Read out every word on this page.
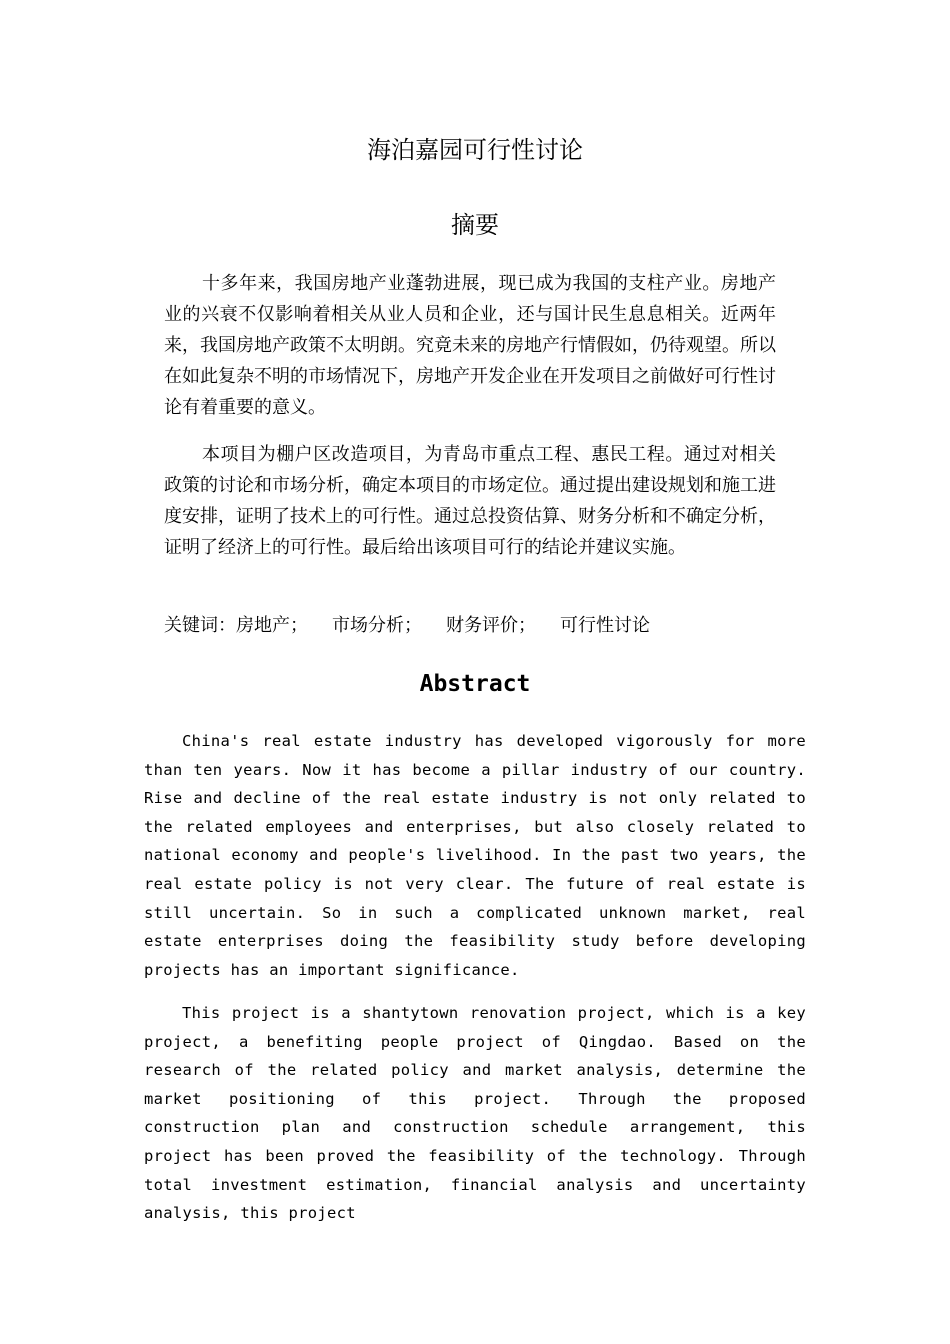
海泊嘉园可行性讨论
摘要

十多年来，我国房地产业蓬勃进展，现已成为我国的支柱产业。房地产业的兴衰不仅影响着相关从业人员和企业，还与国计民生息息相关。近两年来，我国房地产政策不太明朗。究竟未来的房地产行情假如，仍待观望。所以在如此复杂不明的市场情况下，房地产开发企业在开发项目之前做好可行性讨论有着重要的意义。

本项目为棚户区改造项目，为青岛市重点工程、惠民工程。通过对相关政策的讨论和市场分析，确定本项目的市场定位。通过提出建设规划和施工进度安排，证明了技术上的可行性。通过总投资估算、财务分析和不确定分析，证明了经济上的可行性。最后给出该项目可行的结论并建议实施。

关键词：房地产； 市场分析； 财务评价； 可行性讨论
Abstract

China's real estate industry has developed vigorously for more than ten years. Now it has become a pillar industry of our country. Rise and decline of the real estate industry is not only related to the related employees and enterprises, but also closely related to national economy and people's livelihood. In the past two years, the real estate policy is not very clear. The future of real estate is still uncertain. So in such a complicated unknown market, real estate enterprises doing the feasibility study before developing projects has an important significance.

This project is a shantytown renovation project, which is a key project, a benefiting people project of Qingdao. Based on the research of the related policy and market analysis, determine the market positioning of this project. Through the proposed construction plan and construction schedule arrangement, this project has been proved the feasibility of the technology. Through total investment estimation, financial analysis and uncertainty analysis, this project
